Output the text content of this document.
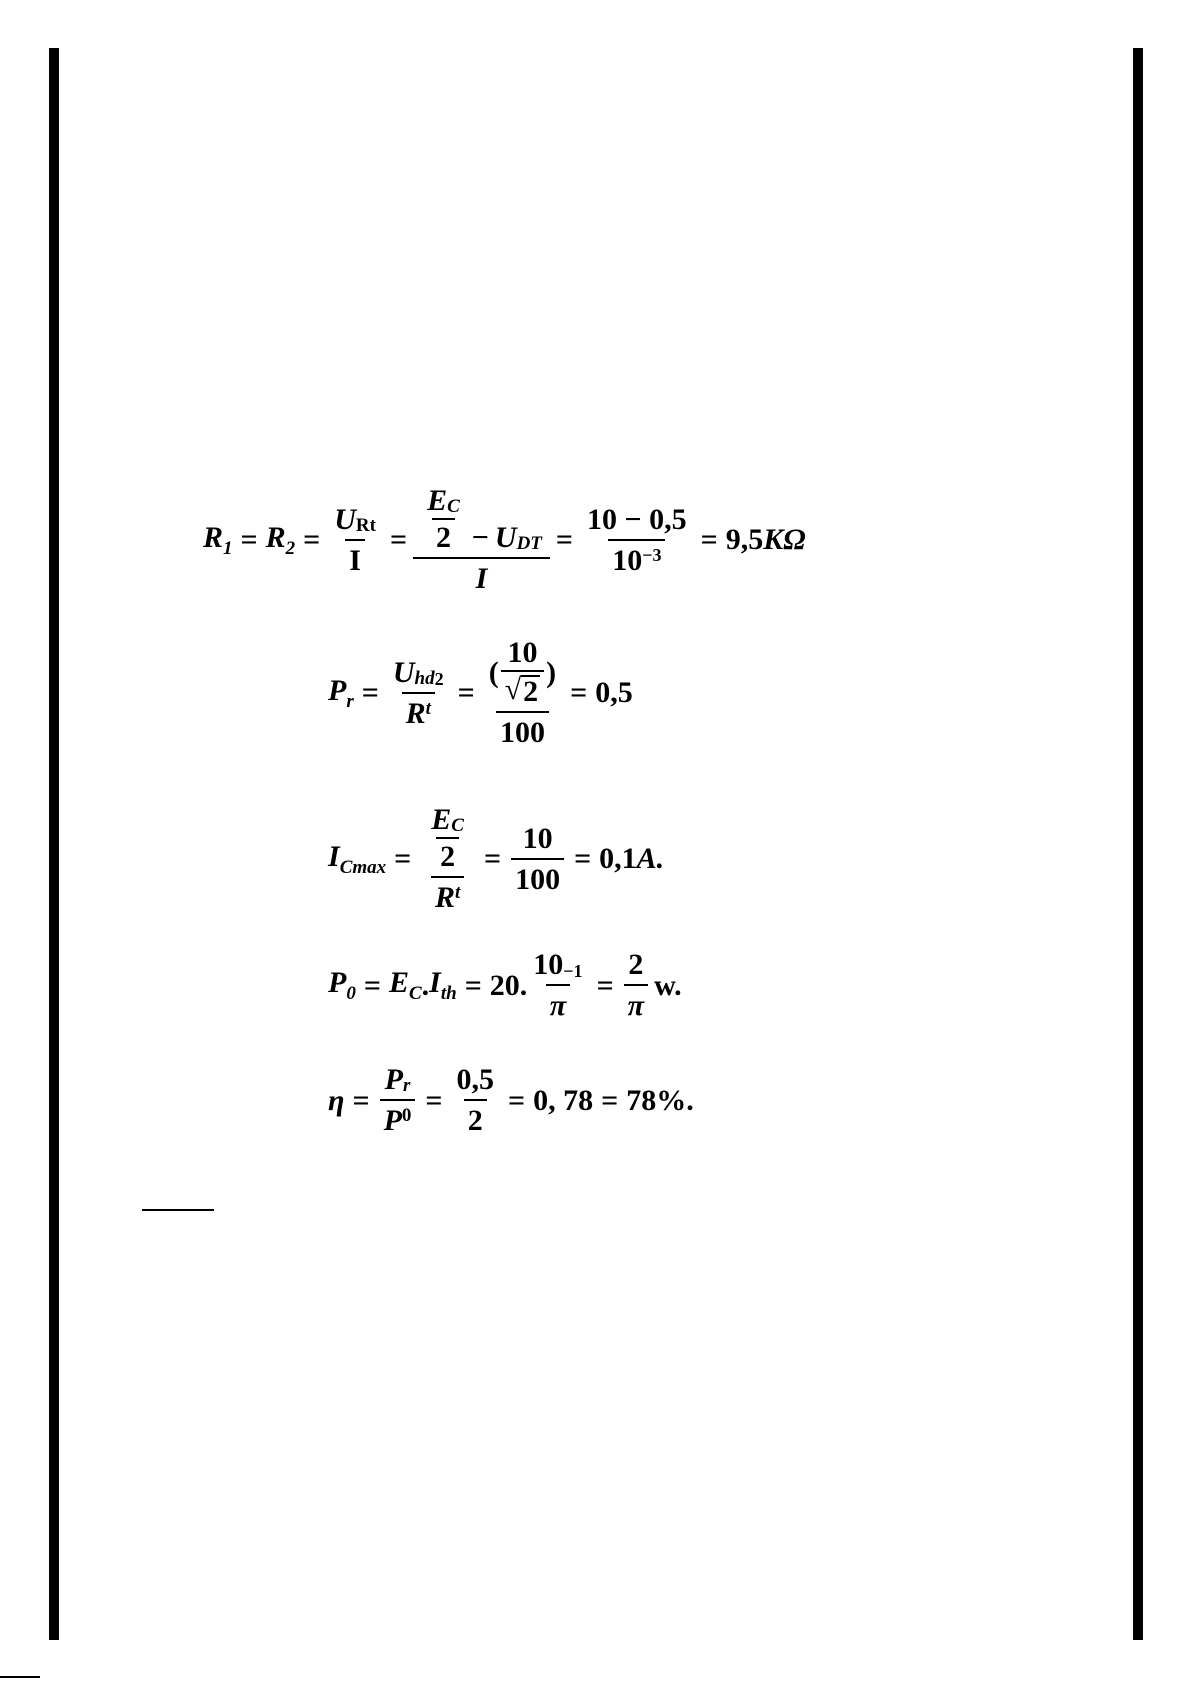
$R_1 = R_2 = \frac{\text{U Rt}}{I} = \frac{\frac{\text{E C}}{2} - U DT}{I} = \frac{10 - 0,5}{10 -3} = 9,5$ KΩ
$P_r = \frac{\text{U hd 2}}{\text{R t}} = \frac{( \frac{10}{√ 2} )}{100} = 0,5$
$I_{Cmax} = \frac{\frac{\text{E C}}{2}}{\text{R t}} = \frac{10}{100} = 0,1$ A.
$P_0 = E_C$ . $I_{th} = 20$. $\frac{10 -1}{\pi} = \frac{2}{\pi} w$.
$\eta = \frac{\text{P r}}{P 0} = \frac{0,5}{2} = 0$, 78 = 78%.
